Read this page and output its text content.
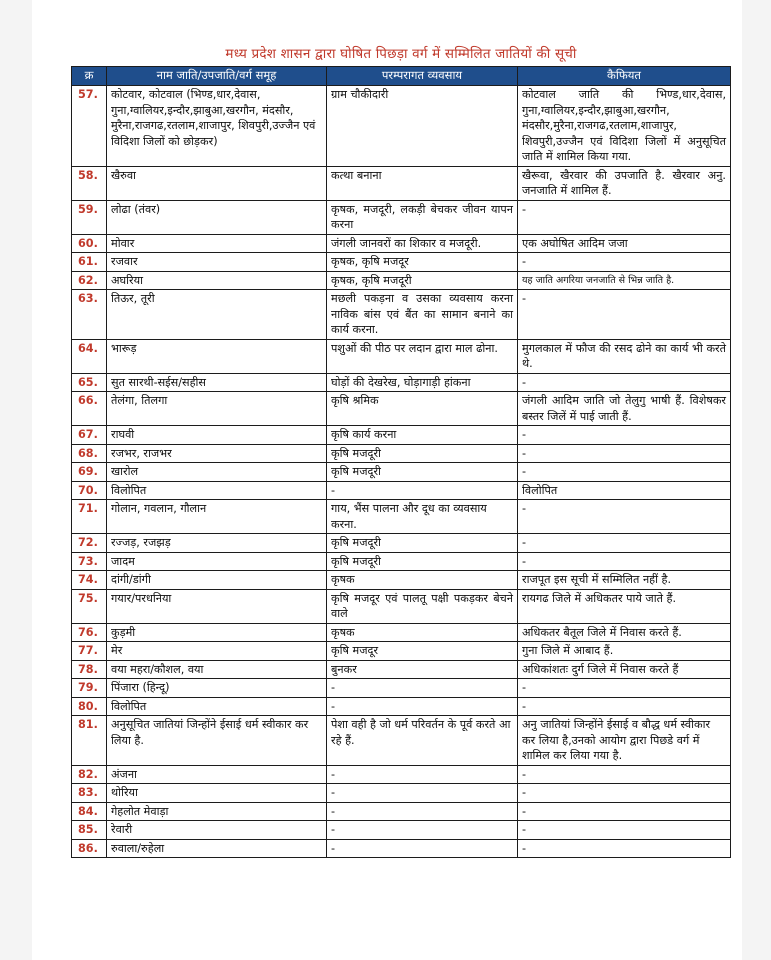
मध्य प्रदेश शासन द्वारा घोषित पिछड़ा वर्ग में सम्मिलित जातियों की सूची
क्र	नाम जाति/उपजाति/वर्ग समूह	परम्परागत व्यवसाय	कैफियत
57.	कोटवार, कोटवाल (भिण्ड,धार,देवास, गुना,ग्वालियर,इन्दौर,झाबुआ,खरगौन, मंदसौर, मुरैना,राजगढ,रतलाम,शाजापुर, शिवपुरी,उज्जैन एवं विदिशा जिलों को छोड़कर)	ग्राम चौकीदारी	कोटवाल जाति की भिण्ड,धार,देवास, गुना,ग्वालियर,इन्दौर,झाबुआ,खरगौन, मंदसौर,मुरैना,राजगढ,रतलाम,शाजापुर, शिवपुरी,उज्जैन एवं विदिशा जिलों में अनुसूचित जाति में शामिल किया गया.
58.	खैरुवा	कत्था बनाना	खैरूवा, खैरवार की उपजाति है. खैरवार अनु. जनजाति में शामिल हैं.
59.	लोढा (तंवर)	कृषक, मजदूरी, लकड़ी बेचकर जीवन यापन करना	-
60.	मोवार	जंगली जानवरों का शिकार व मजदूरी.	एक अघोषित आदिम जजा
61.	रजवार	कृषक, कृषि मजदूर	-
62.	अघरिया	कृषक, कृषि मजदूरी	यह जाति अगरिया जनजाति से भिन्न जाति है.
63.	तिऊर, तूरी	मछली पकड़ना व उसका व्यवसाय करना नाविक बांस एवं बैंत का सामान बनाने का कार्य करना.	-
64.	भारूड़	पशुओं की पीठ पर लदान द्वारा माल ढोना.	मुगलकाल में फौज की रसद ढोने का कार्य भी करते थे.
65.	सुत सारथी-सईस/सहीस	घोड़ों की देखरेख, घोड़ागाड़ी हांकना	-
66.	तेलंगा, तिलगा	कृषि श्रमिक	जंगली आदिम जाति जो तेलुगु भाषी हैं. विशेषकर बस्तर जिलें में पाई जाती हैं.
67.	राघवी	कृषि कार्य करना	-
68.	रजभर, राजभर	कृषि मजदूरी	-
69.	खारोल	कृषि मजदूरी	-
70.	विलोपित	-	विलोपित
71.	गोलान, गवलान, गौलान	गाय, भैंस पालना और दूध का व्यवसाय करना.	-
72.	रज्जड़, रजझड़	कृषि मजदूरी	-
73.	जादम	कृषि मजदूरी	-
74.	दांगी/डांगी	कृषक	राजपूत इस सूची में सम्मिलित नहीं है.
75.	गयार/परधनिया	कृषि मजदूर एवं पालतू पक्षी पकड़कर बेचने वाले	रायगढ जिले में अधिकतर पाये जाते हैं.
76.	कुड़मी	कृषक	अधिकतर बैतूल जिले में निवास करते हैं.
77.	मेर	कृषि मजदूर	गुना जिले में आबाद हैं.
78.	वया महरा/कौशल, वया	बुनकर	अधिकांशतः दुर्ग जिले में निवास करते हैं
79.	पिंजारा (हिन्दू)	-	-
80.	विलोपित	-	-
81.	अनुसूचित जातियां जिन्होंने ईसाई धर्म स्वीकार कर लिया है.	पेशा वही है जो धर्म परिवर्तन के पूर्व करते आ रहे हैं.	अनु जातियां जिन्होंने ईसाई व बौद्ध धर्म स्वीकार कर लिया है,उनको आयोग द्वारा पिछडे वर्ग में शामिल कर लिया गया है.
82.	अंजना	-	-
83.	थोरिया	-	-
84.	गेहलोत मेवाड़ा	-	-
85.	रेवारी	-	-
86.	रुवाला/रुहेला	-	-
